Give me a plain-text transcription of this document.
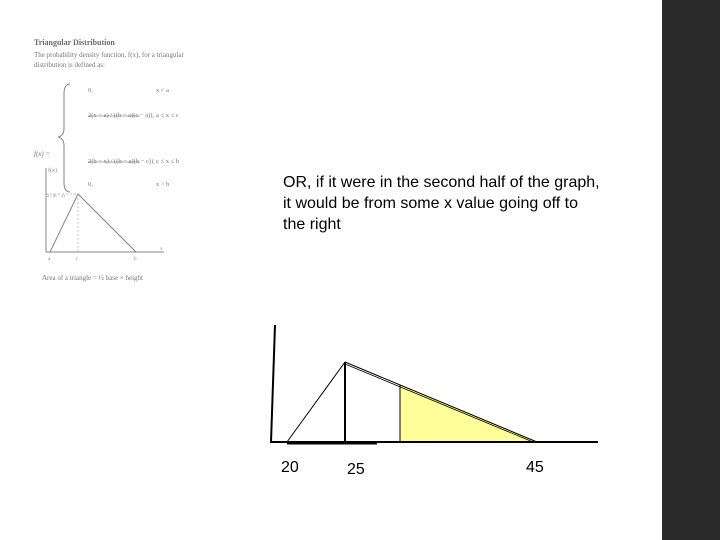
Triangular Distribution
The probability density function, f(x), for a triangular distribution is defined as:
f(x) =
0,	x < a
2(x − a) / ((b − a)(c − a)), a ≤ x ≤ c
2(b − x) / ((b − a)(b − c)), c ≤ x ≤ b
0,	x > b
f(x)
2 / (b − a)
a	c	b
x
Area of a triangle = ½ base × height
OR, if it were in the second half of the graph, it would be from some x value going off to the right
20	25	45
